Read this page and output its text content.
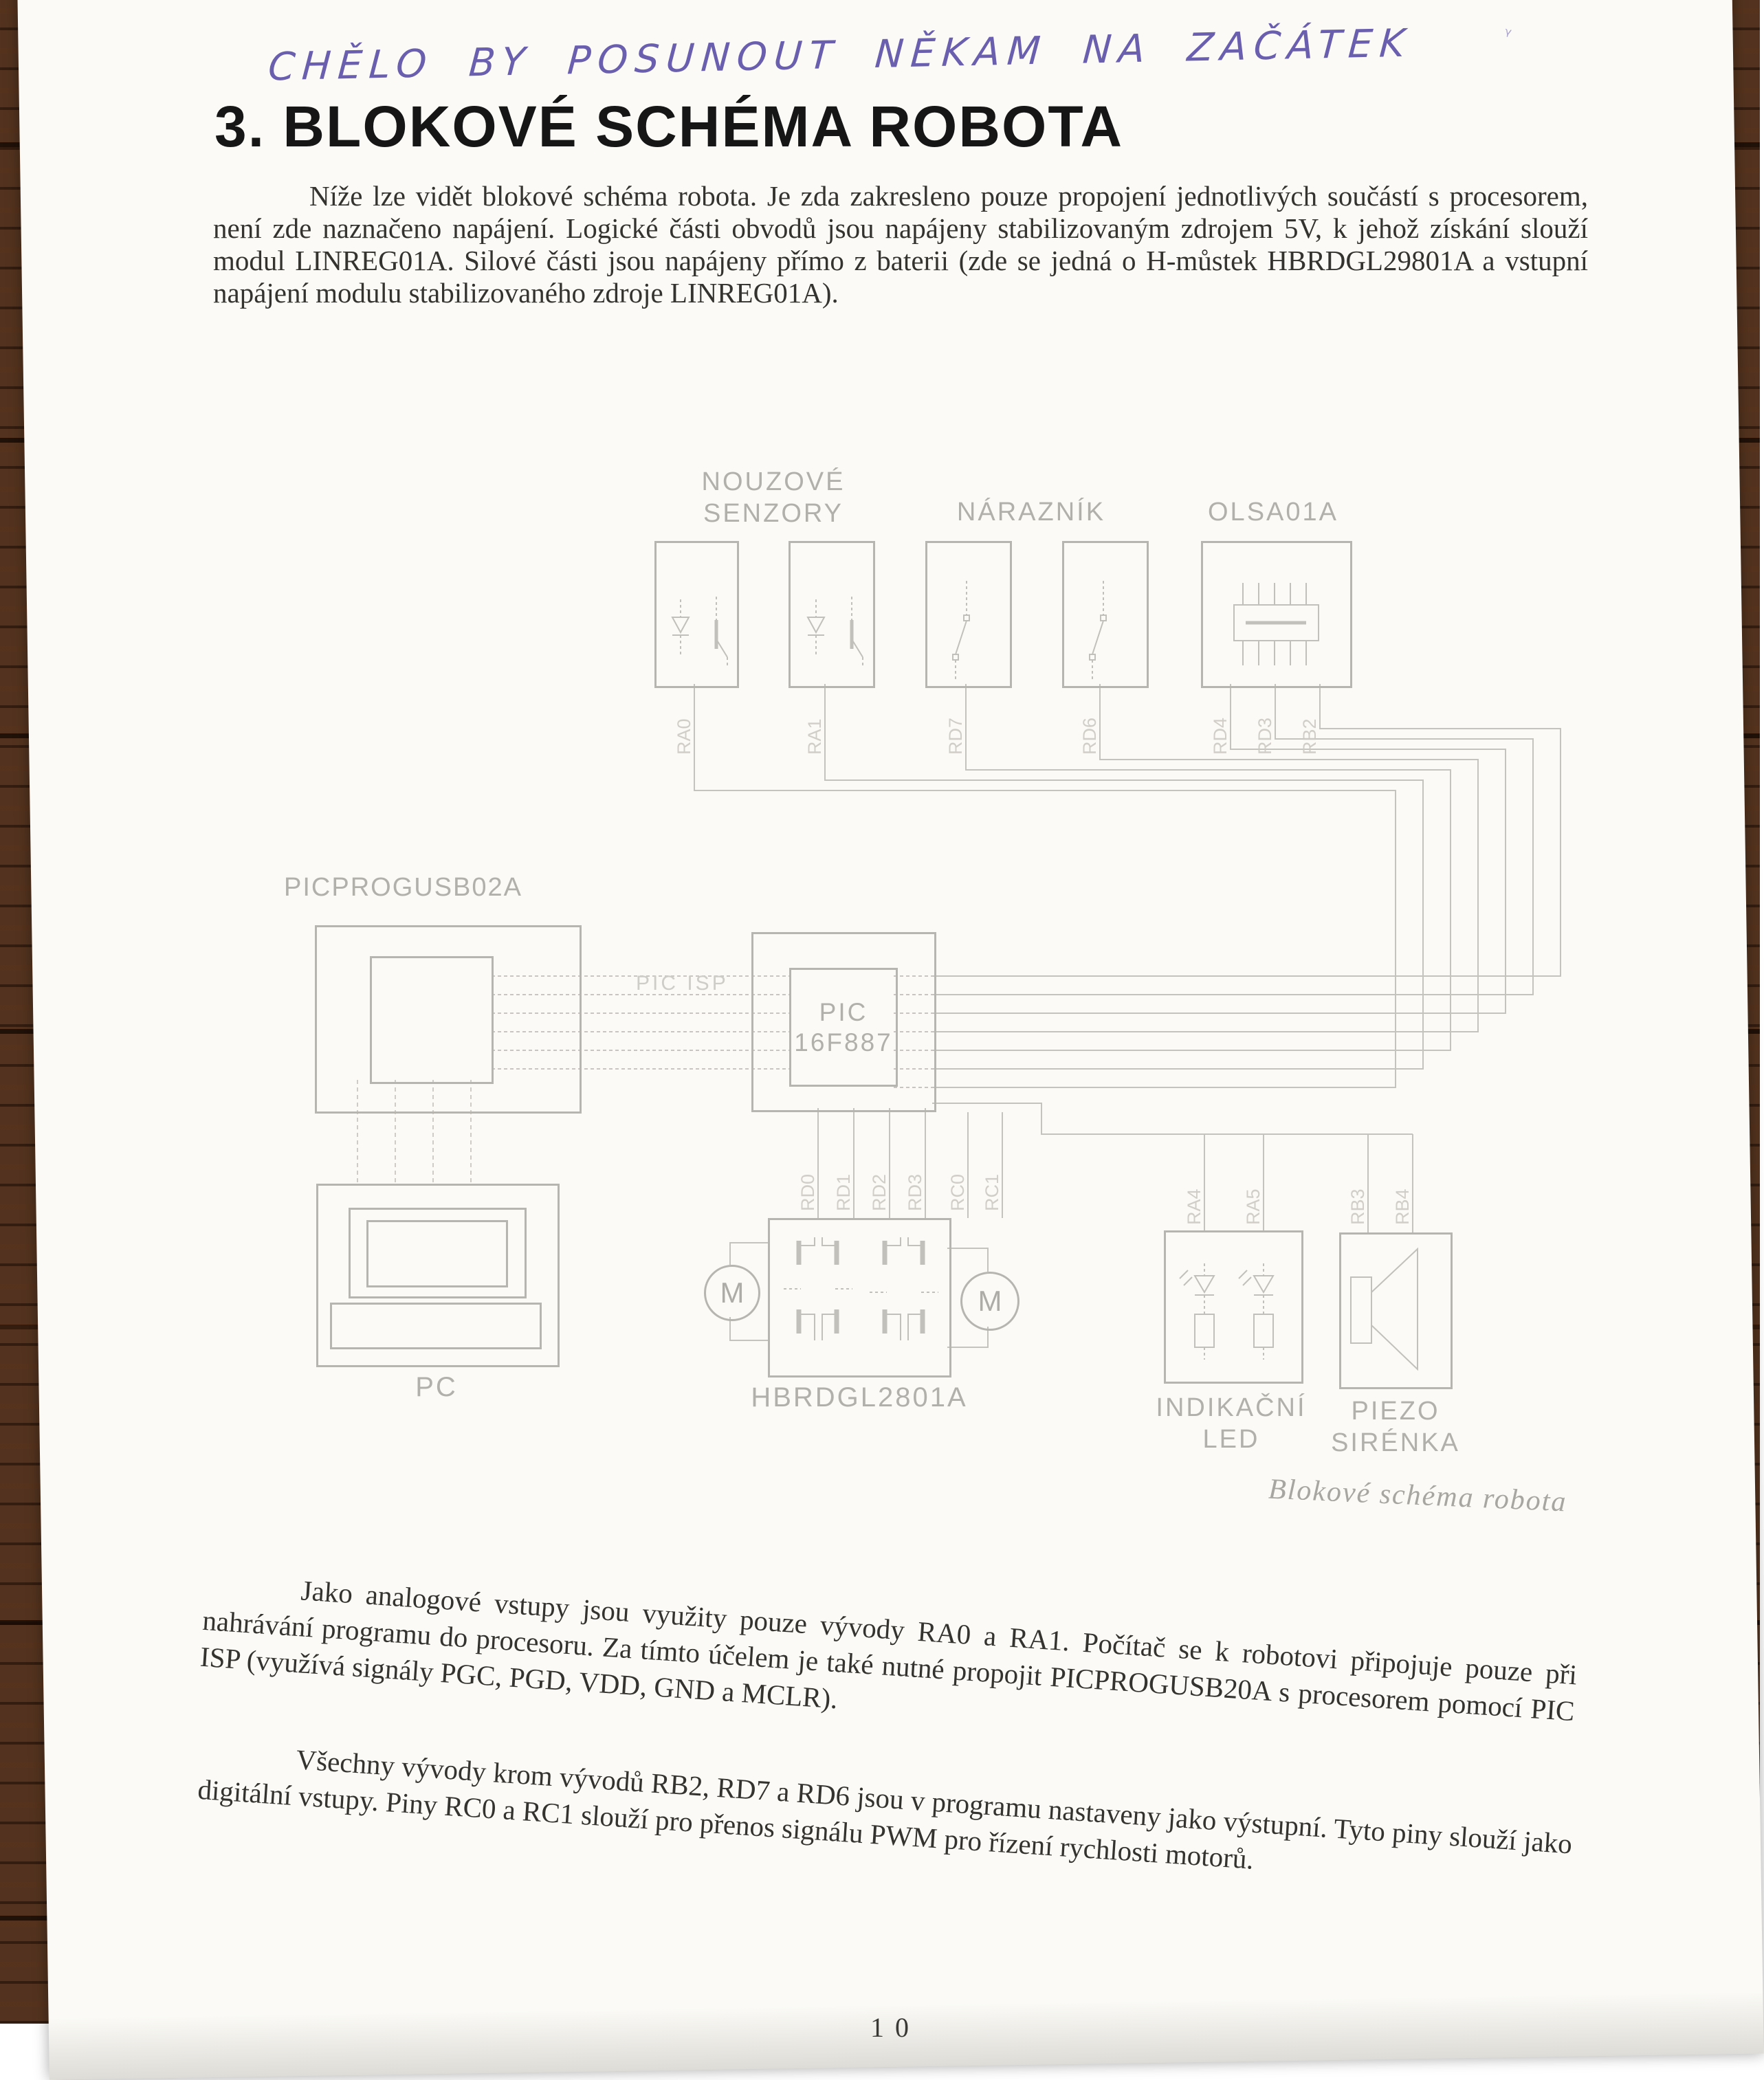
CHĚLO BY POSUNOUT NĚKAM NA ZAČÁTEK	ᵞ
3. BLOKOVÉ SCHÉMA ROBOTA
Níže lze vidět blokové schéma robota. Je zda zakresleno pouze propojení jednotlivých součástí s procesorem, není zde naznačeno napájení. Logické části obvodů jsou napájeny stabilizovaným zdrojem 5V, k jehož získání slouží modul LINREG01A. Silové části jsou napájeny přímo z baterii (zde se jedná o H-můstek HBRDGL29801A a vstupní napájení modulu stabilizovaného zdroje LINREG01A).
RA0	RA1	RD7	RD6	RD4 RD3 RB2
RD0 RD1 RD2 RD3 RC0 RC1	RA4 RA5	RB3 RB4
PIC ISP
NOUZOVÉ
SENZORY	NÁRAZNÍK	OLSA01A
PICPROGUSB02A
PIC
16F887
M	M
HBRDGL2801A	INDIKAČNÍ
LED
PIEZO
SIRÉNKA
PC
Blokové schéma robota
Jako analogové vstupy jsou využity pouze vývody RA0 a RA1. Počítač se k robotovi připojuje pouze při nahrávání programu do procesoru. Za tímto účelem je také nutné propojit PICPROGUSB20A s procesorem pomocí PIC ISP (využívá signály PGC, PGD, VDD, GND a MCLR).
Všechny vývody krom vývodů RB2, RD7 a RD6 jsou v programu nastaveny jako výstupní. Tyto piny slouží jako digitální vstupy. Piny RC0 a RC1 slouží pro přenos signálu PWM pro řízení rychlosti motorů.
